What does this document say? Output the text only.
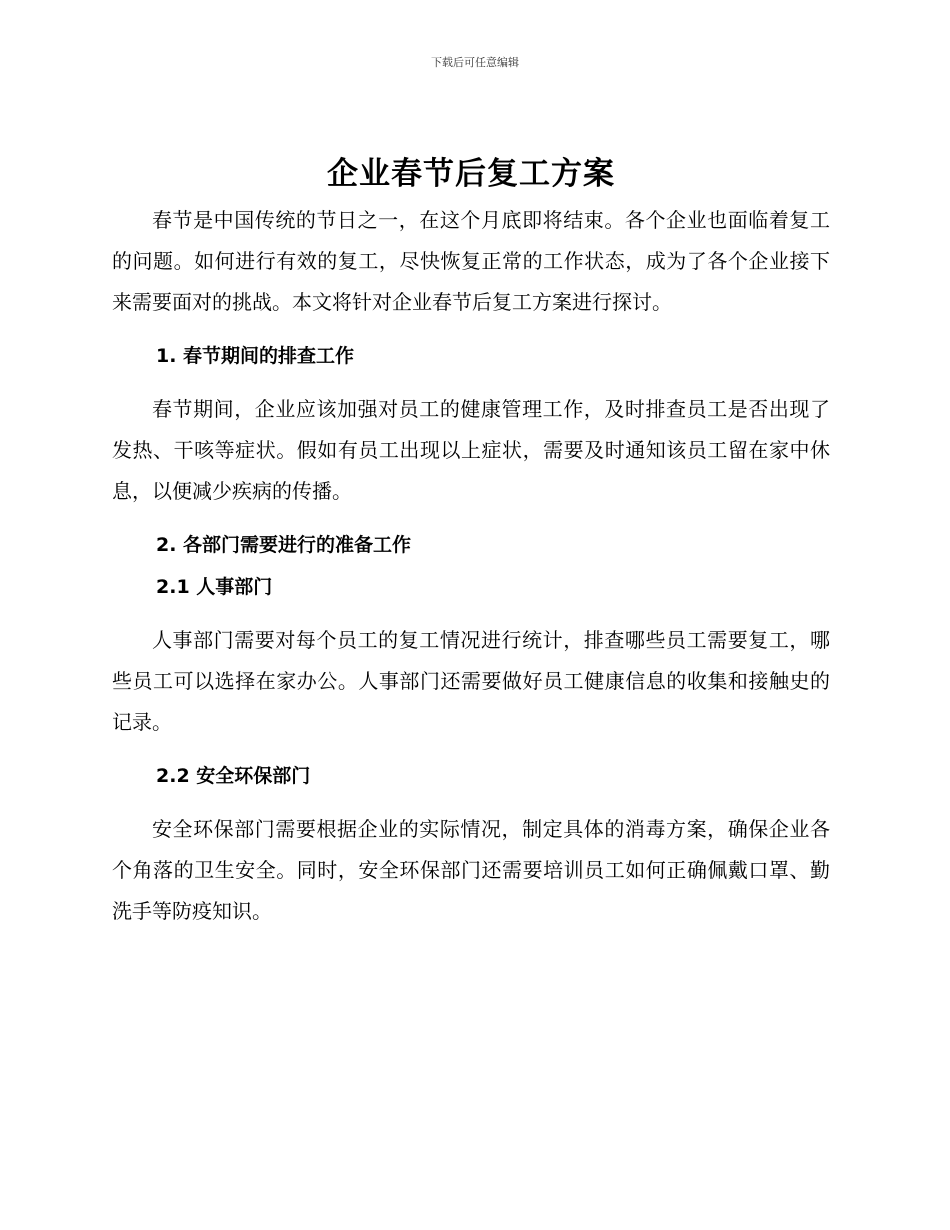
下载后可任意编辑
企业春节后复工方案

春节是中国传统的节日之一，在这个月底即将结束。各个企业也面临着复工的问题。如何进行有效的复工，尽快恢复正常的工作状态，成为了各个企业接下来需要面对的挑战。本文将针对企业春节后复工方案进行探讨。

1. 春节期间的排查工作

春节期间，企业应该加强对员工的健康管理工作，及时排查员工是否出现了发热、干咳等症状。假如有员工出现以上症状，需要及时通知该员工留在家中休息，以便减少疾病的传播。

2. 各部门需要进行的准备工作
2.1 人事部门

人事部门需要对每个员工的复工情况进行统计，排查哪些员工需要复工，哪些员工可以选择在家办公。人事部门还需要做好员工健康信息的收集和接触史的记录。

2.2 安全环保部门

安全环保部门需要根据企业的实际情况，制定具体的消毒方案，确保企业各个角落的卫生安全。同时，安全环保部门还需要培训员工如何正确佩戴口罩、勤洗手等防疫知识。
